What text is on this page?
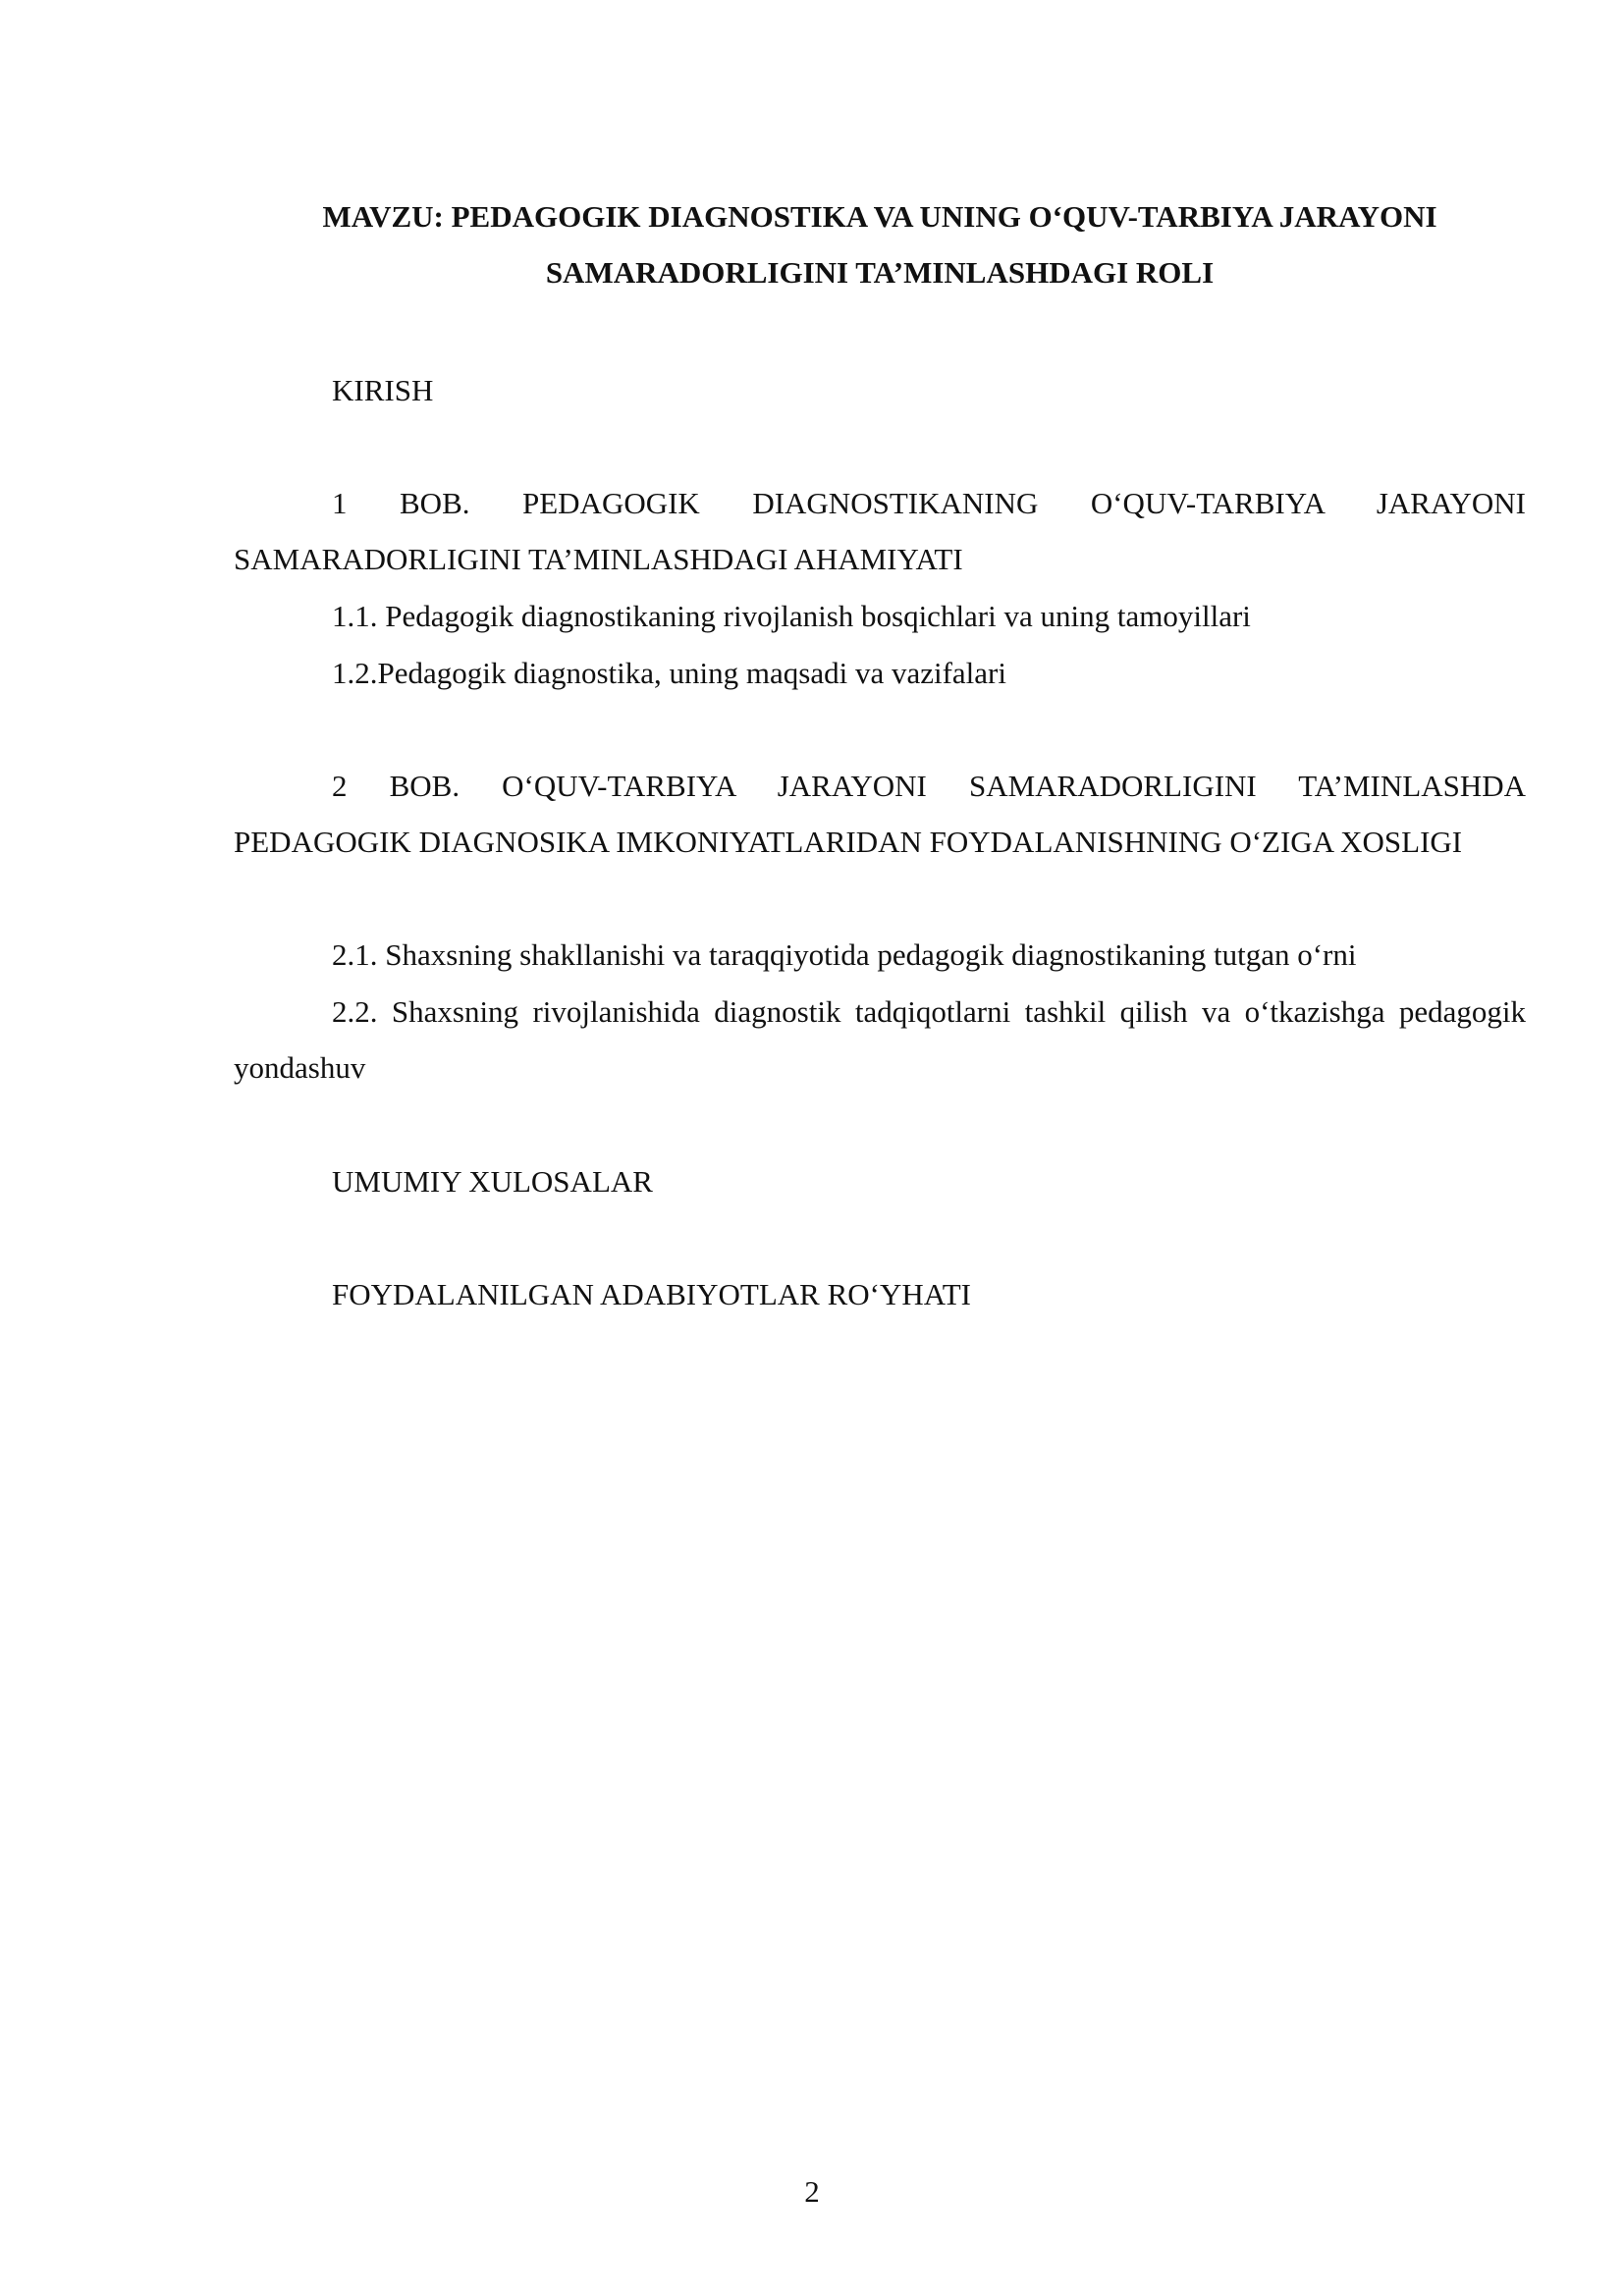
MAVZU: PEDAGOGIK DIAGNOSTIKA VA UNING O‘QUV-TARBIYA JARAYONI SAMARADORLIGINI TA’MINLASHDAGI ROLI

KIRISH

1 BOB. PEDAGOGIK DIAGNOSTIKANING O‘QUV-TARBIYA JARAYONI SAMARADORLIGINI TA’MINLASHDAGI AHAMIYATI

1.1. Pedagogik diagnostikaning rivojlanish bosqichlari va uning tamoyillari

1.2.Pedagogik diagnostika, uning maqsadi va vazifalari

2 BOB. O‘QUV-TARBIYA JARAYONI SAMARADORLIGINI TA’MINLASHDA PEDAGOGIK DIAGNOSIKA IMKONIYATLARIDAN FOYDALANISHNING O‘ZIGA XOSLIGI

2.1. Shaxsning shakllanishi va taraqqiyotida pedagogik diagnostikaning tutgan o‘rni

2.2. Shaxsning rivojlanishida diagnostik tadqiqotlarni tashkil qilish va o‘tkazishga pedagogik yondashuv

UMUMIY XULOSALAR

FOYDALANILGAN ADABIYOTLAR RO‘YHATI

2
